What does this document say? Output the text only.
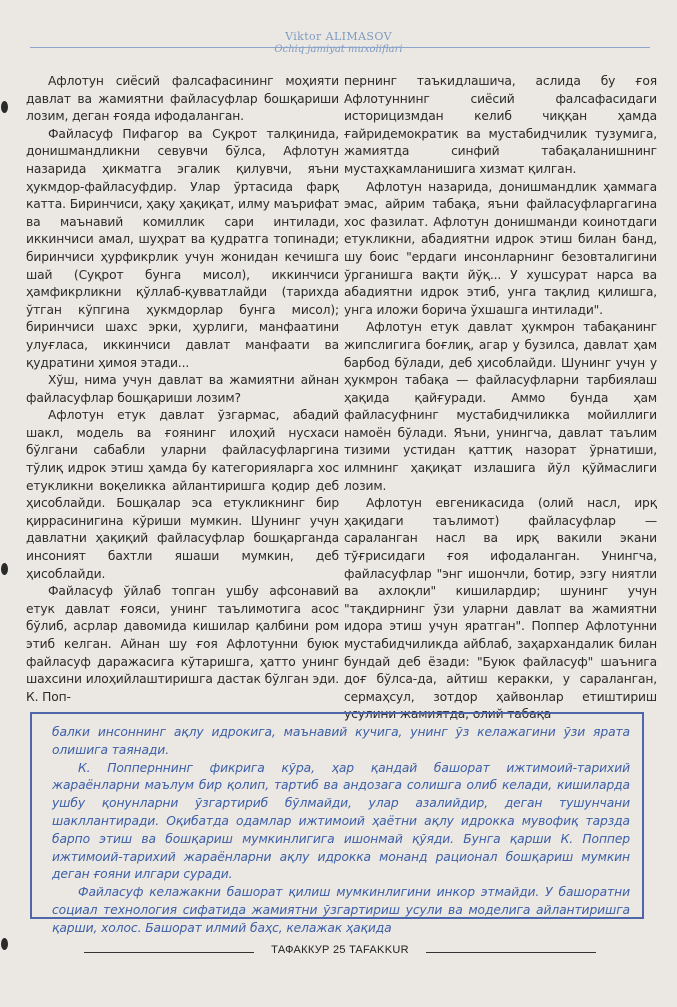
Viktor ALIMASOV
Ochiq jamiyat muxoliflari

Афлотун сиёсий фалсафасининг моҳияти давлат ва жамиятни файласуфлар бошқариши лозим, деган ғояда ифодаланган.

Файласуф Пифагор ва Суқрот талқинида, донишмандликни севувчи бўлса, Афлотун назарида ҳикматга эгалик қилувчи, яъни ҳукмдор-файласуфдир. Улар ўртасида фарқ катта. Биринчиси, ҳақу ҳақиқат, илму маърифат ва маънавий комиллик сари интилади, иккинчиси амал, шуҳрат ва қудратга топинади; биринчиси ҳурфикрлик учун жонидан кечишга шай (Суқрот бунга мисол), иккинчиси ҳамфикрликни қўллаб-қувватлайди (тарихда ўтган кўпгина ҳукмдорлар бунга мисол); биринчиси шахс эрки, ҳурлиги, манфаатини улуғласа, иккинчиси давлат манфаати ва қудратини ҳимоя этади...

Хўш, нима учун давлат ва жамиятни айнан файласуфлар бошқариши лозим?

Афлотун етук давлат ўзгармас, абадий шакл, модель ва ғоянинг илоҳий нусхаси бўлгани сабабли уларни файласуфларгина тўлиқ идрок этиш ҳамда бу категорияларга хос етукликни воқеликка айлантиришга қодир деб ҳисоблайди. Бошқалар эса етукликнинг бир қиррасинигина кўриши мумкин. Шунинг учун давлатни ҳақиқий файласуфлар бошқарганда инсоният бахтли яшаши мумкин, деб ҳисоблайди.

Файласуф ўйлаб топган ушбу афсонавий етук давлат ғояси, унинг таълимотига асос бўлиб, асрлар давомида кишилар қалбини ром этиб келган. Айнан шу ғоя Афлотунни буюк файласуф даражасига кўтаришга, ҳатто унинг шахсини илоҳийлаштиришга дастак бўлган эди. К. Поп-

пернинг таъкидлашича, аслида бу ғоя Афлотуннинг сиёсий фалсафасидаги историцизмдан келиб чиққан ҳамда ғайридемократик ва мустабидчилик тузумига, жамиятда синфий табақаланишнинг мустаҳкамланишига хизмат қилган.

Афлотун назарида, донишмандлик ҳаммага эмас, айрим табақа, яъни файласуфларгагина хос фазилат. Афлотун донишманди коинотдаги етукликни, абадиятни идрок этиш билан банд, шу боис "ердаги инсонларнинг безовталигини ўрганишга вақти йўқ... У хушсурат нарса ва абадиятни идрок этиб, унга тақлид қилишга, унга иложи борича ўхшашга интилади".

Афлотун етук давлат ҳукмрон табақанинг жипслигига боғлиқ, агар у бузилса, давлат ҳам барбод бўлади, деб ҳисоблайди. Шунинг учун у ҳукмрон табақа — файласуфларни тарбиялаш ҳақида қайғуради. Аммо бунда ҳам файласуфнинг мустабидчиликка мойиллиги намоён бўлади. Яъни, унингча, давлат таълим тизими устидан қаттиқ назорат ўрнатиши, илмнинг ҳақиқат излашига йўл қўймаслиги лозим.

Афлотун евгеникасида (олий насл, ирқ ҳақидаги таълимот) файласуфлар — сараланган насл ва ирқ вакили экани тўғрисидаги ғоя ифодаланган. Унингча, файласуфлар "энг ишончли, ботир, эзгу ниятли ва ахлоқли" кишилардир; шунинг учун "тақдирнинг ўзи уларни давлат ва жамиятни идора этиш учун яратган". Поппер Афлотунни мустабидчиликда айблаб, заҳархандалик билан бундай деб ёзади: "Буюк файласуф" шаънига доғ бўлса-да, айтиш керакки, у сараланган, сермаҳсул, зотдор ҳайвонлар етиштириш усулини жамиятда, олий табақа

балки инсоннинг ақлу идрокига, маънавий кучига, унинг ўз келажагини ўзи ярата олишига таянади.

К. Попперннинг фикрига кўра, ҳар қандай башорат ижтимоий-тарихий жараёнларни маълум бир қолип, тартиб ва андозага солишга олиб келади, кишиларда ушбу қонунларни ўзгартириб бўлмайди, улар азалийдир, деган тушунчани шакллантиради. Оқибатда одамлар ижтимоий ҳаётни ақлу идрокка мувофиқ тарзда барпо этиш ва бошқариш мумкинлигига ишонмай қўяди. Бунга қарши К. Поппер ижтимоий-тарихий жараёнларни ақлу идрокка монанд рационал бошқариш мумкин деган ғояни илгари суради.

Файласуф келажакни башорат қилиш мумкинлигини инкор этмайди. У башоратни социал технология сифатида жамиятни ўзгартириш усули ва моделига айлантиришга қарши, холос. Башорат илмий баҳс, келажак ҳақида

ТАФАККУР 25 TAFAKKUR
